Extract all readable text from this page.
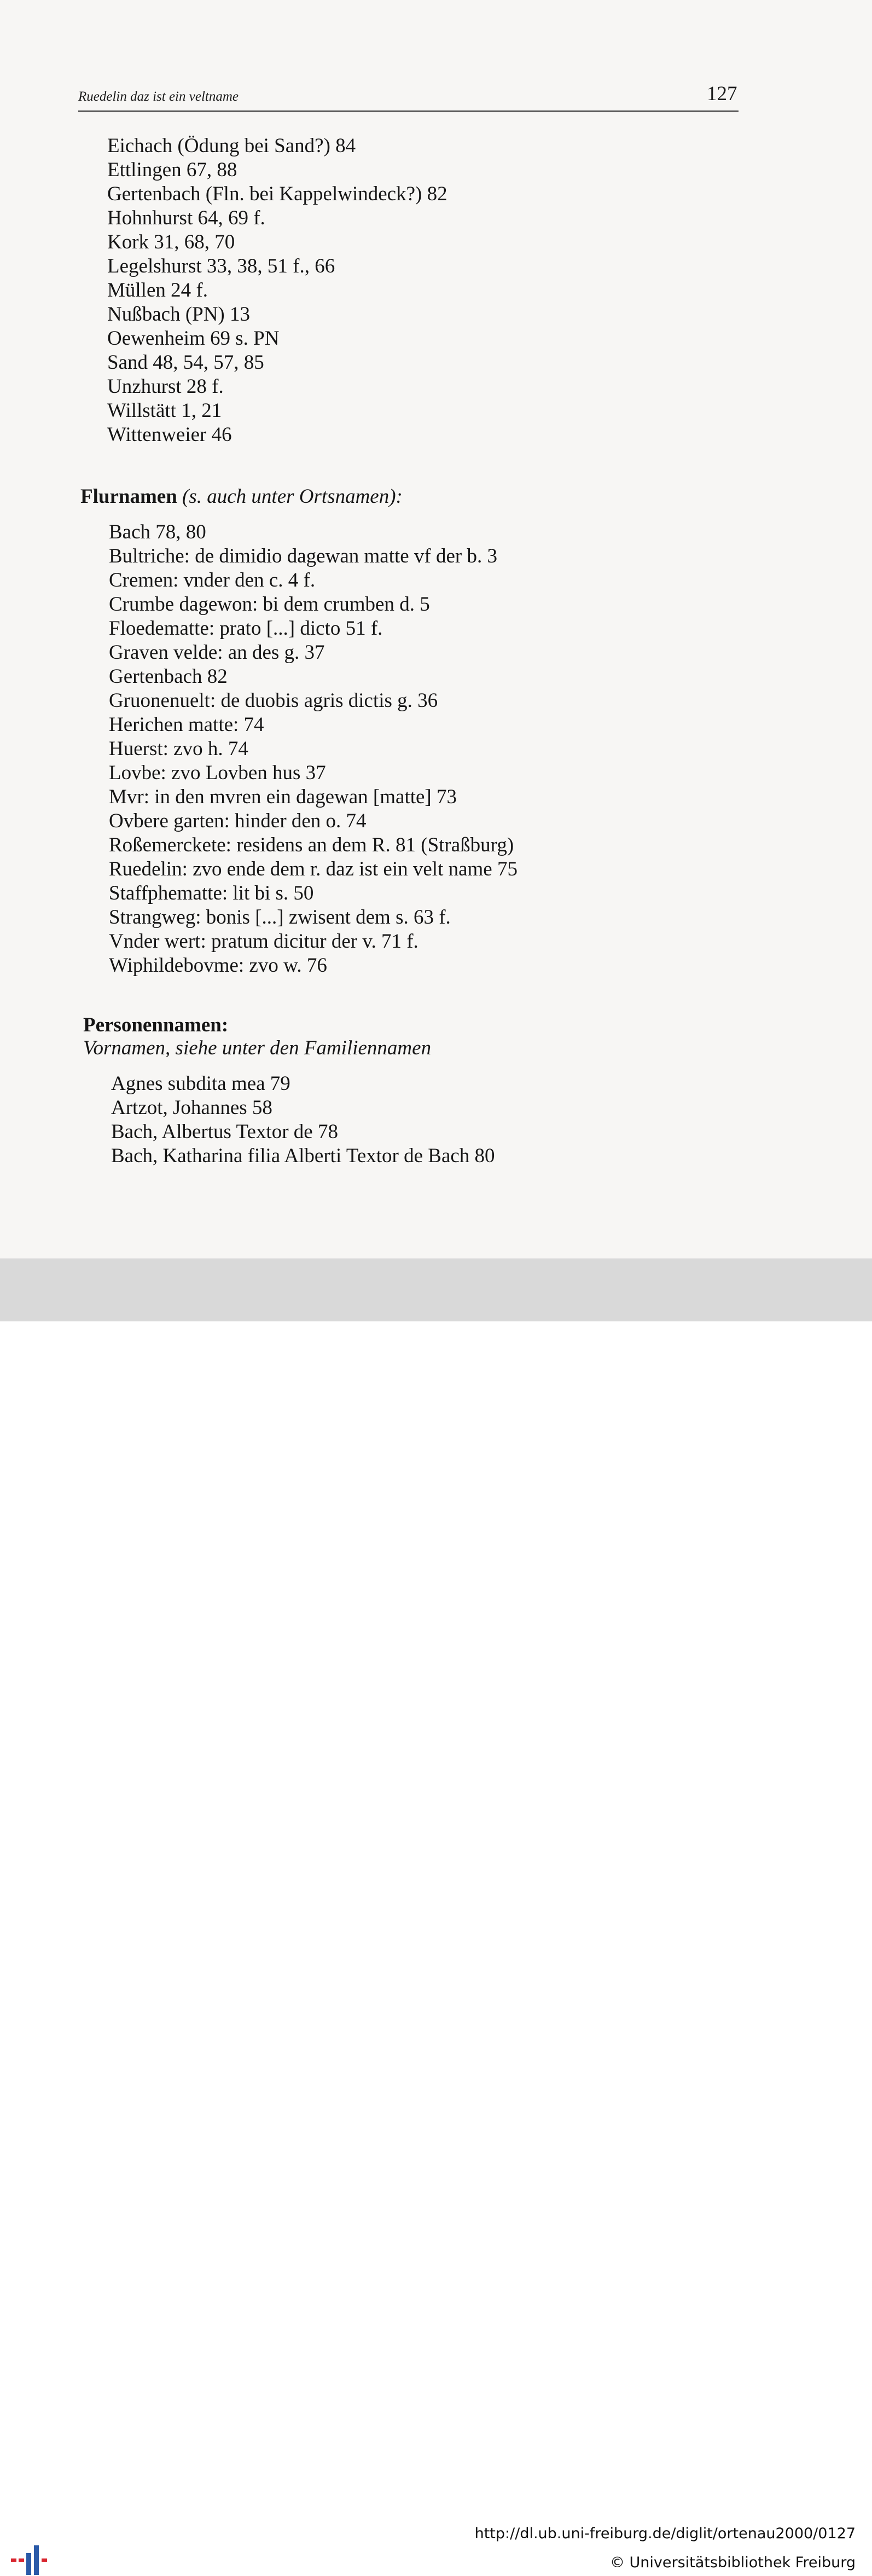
Ruedelin daz ist ein veltname	127
Eichach (Ödung bei Sand?) 84
Ettlingen 67, 88
Gertenbach (Fln. bei Kappelwindeck?) 82
Hohnhurst 64, 69 f.
Kork 31, 68, 70
Legelshurst 33, 38, 51 f., 66
Müllen 24 f.
Nußbach (PN) 13
Oewenheim 69 s. PN
Sand 48, 54, 57, 85
Unzhurst 28 f.
Willstätt 1, 21
Wittenweier 46
Flurnamen (s. auch unter Ortsnamen):
Bach 78, 80
Bultriche: de dimidio dagewan matte vf der b. 3
Cremen: vnder den c. 4 f.
Crumbe dagewon: bi dem crumben d. 5
Floedematte: prato [...] dicto 51 f.
Graven velde: an des g. 37
Gertenbach 82
Gruonenuelt: de duobis agris dictis g. 36
Herichen matte: 74
Huerst: zvo h. 74
Lovbe: zvo Lovben hus 37
Mvr: in den mvren ein dagewan [matte] 73
Ovbere garten: hinder den o. 74
Roßemerckete: residens an dem R. 81 (Straßburg)
Ruedelin: zvo ende dem r. daz ist ein velt name 75
Staffphematte: lit bi s. 50
Strangweg: bonis [...] zwisent dem s. 63 f.
Vnder wert: pratum dicitur der v. 71 f.
Wiphildebovme: zvo w. 76
Personennamen:
Vornamen, siehe unter den Familiennamen
Agnes subdita mea 79
Artzot, Johannes 58
Bach, Albertus Textor de 78
Bach, Katharina filia Alberti Textor de Bach 80
http://dl.ub.uni-freiburg.de/diglit/ortenau2000/0127
© Universitätsbibliothek Freiburg
